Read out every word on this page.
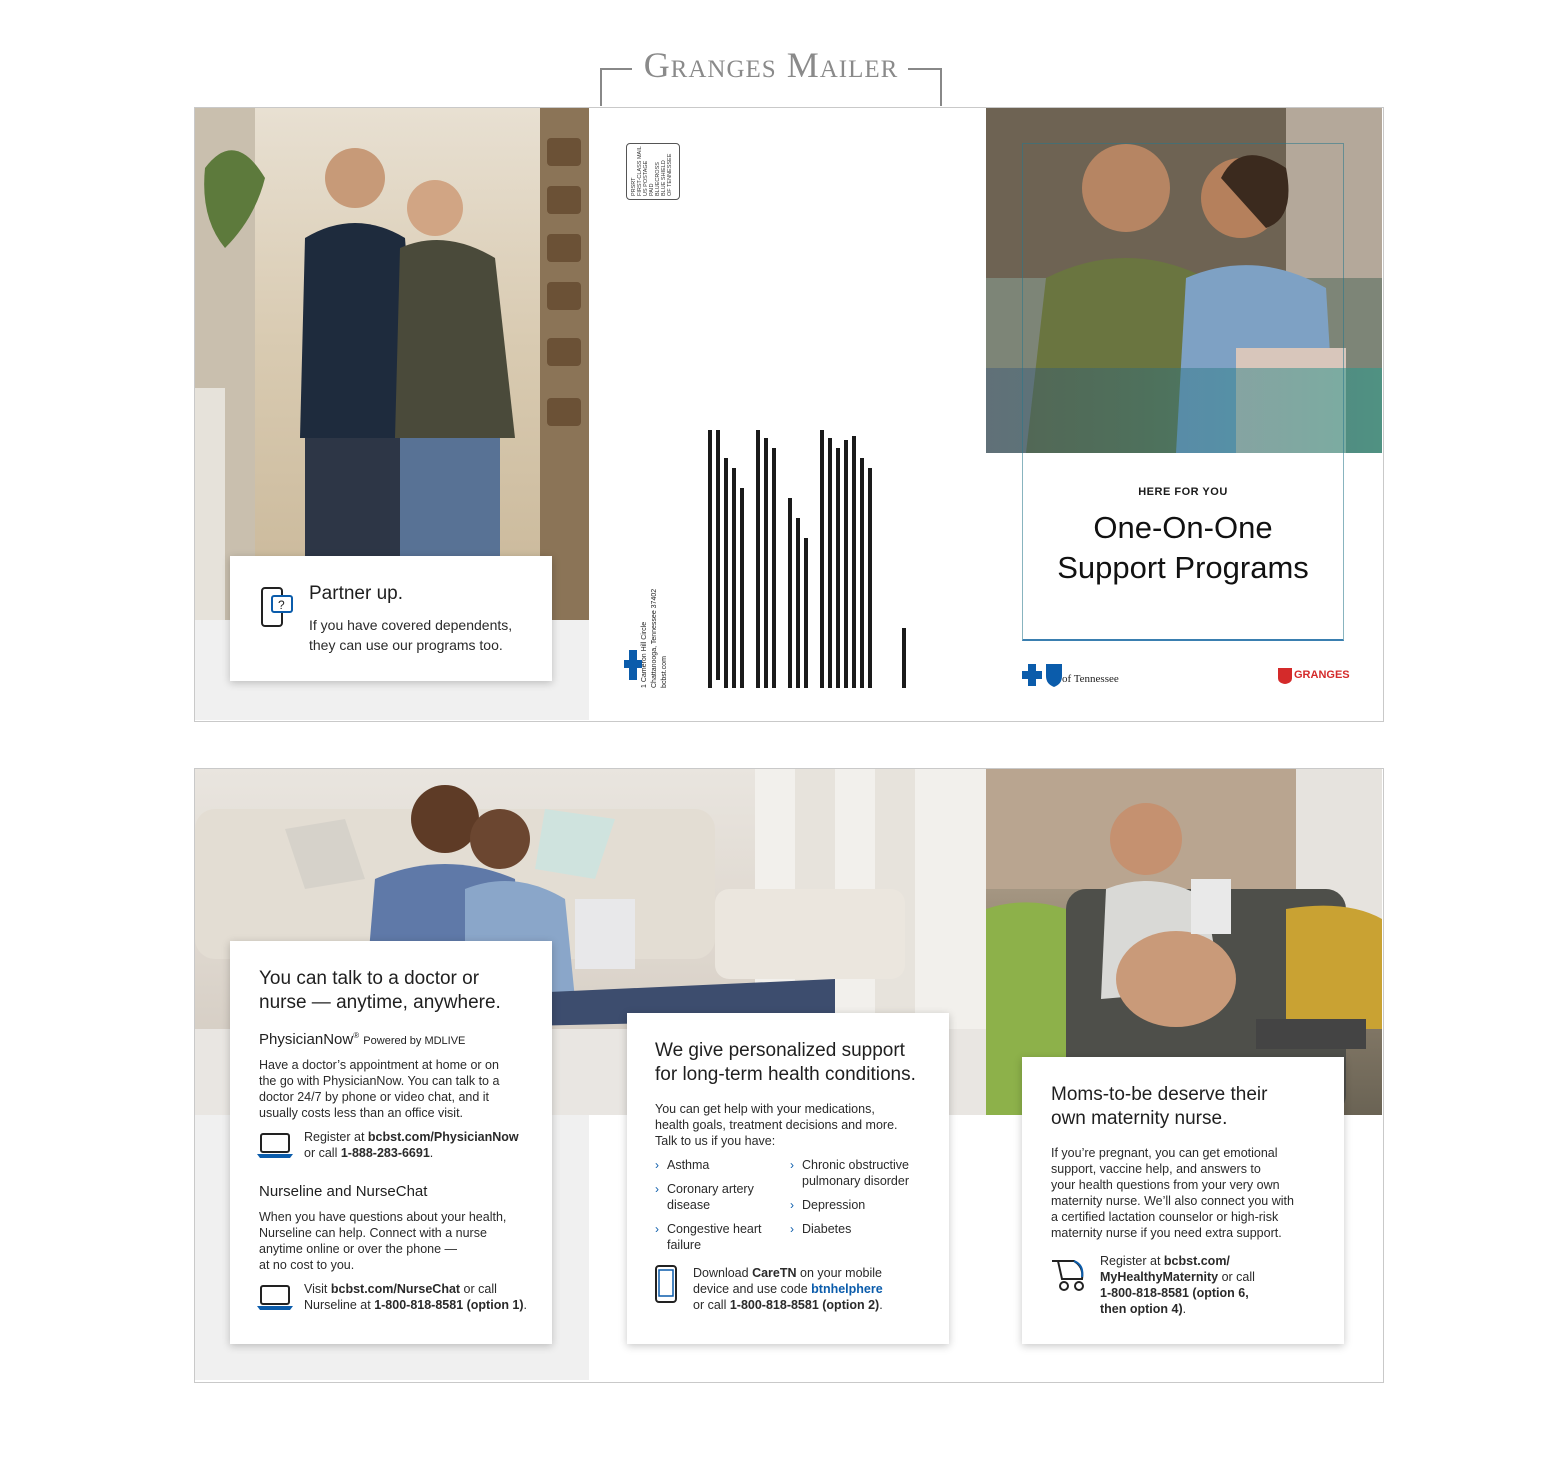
Granges Mailer
?
Partner up.
If you have covered dependents,
they can use our programs too.
PRSRT FIRST-CLASS MAIL US POSTAGE PAID BLUECROSS BLUE SHIELD OF TENNESSEE
1 Cameron Hill Circle Chattanooga, Tennessee 37402 bcbst.com
HERE FOR YOU
One-On-One
Support Programs
of Tennessee	GRANGES
You can talk to a doctor or
nurse — anytime, anywhere.
PhysicianNow® Powered by MDLIVE
Have a doctor’s appointment at home or on
the go with PhysicianNow. You can talk to a
doctor 24/7 by phone or video chat, and it
usually costs less than an office visit.
Register at bcbst.com/PhysicianNow
or call 1-888-283-6691.
Nurseline and NurseChat
When you have questions about your health,
Nurseline can help. Connect with a nurse
anytime online or over the phone —
at no cost to you.
Visit bcbst.com/NurseChat or call
Nurseline at 1-800-818-8581 (option 1).
We give personalized support
for long-term health conditions.
You can get help with your medications,
health goals, treatment decisions and more.
Talk to us if you have:
› Asthma
› Coronary artery
disease
› Congestive heart
failure
› Chronic obstructive
pulmonary disorder
› Depression
› Diabetes
Download CareTN on your mobile
device and use code btnhelphere
or call 1-800-818-8581 (option 2).
Moms-to-be deserve their
own maternity nurse.
If you’re pregnant, you can get emotional
support, vaccine help, and answers to
your health questions from your very own
maternity nurse. We’ll also connect you with
a certified lactation counselor or high-risk
maternity nurse if you need extra support.
Register at bcbst.com/
MyHealthyMaternity or call
1-800-818-8581 (option 6,
then option 4).
